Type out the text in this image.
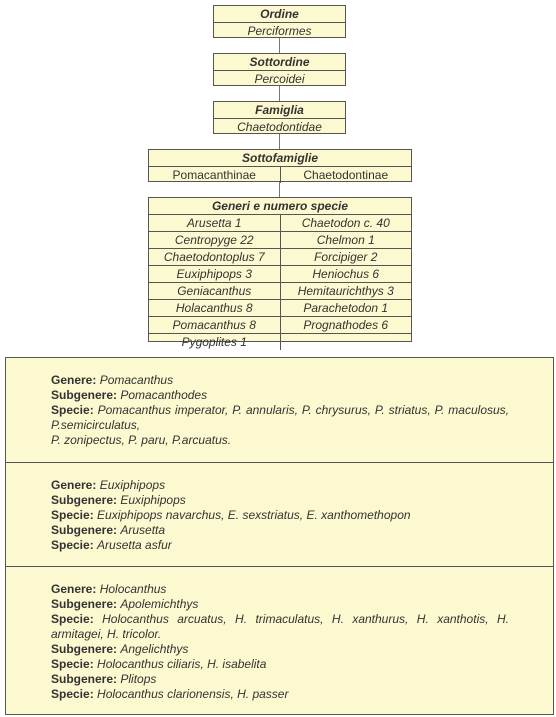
Ordine
Perciformes
Sottordine
Percoidei
Famiglia
Chaetodontidae
Sottofamiglie
Pomacanthinae	Chaetodontinae
Generi e numero specie
Arusetta 1	Chaetodon c. 40
Centropyge 22	Chelmon 1
Chaetodontoplus 7	Forcipiger 2
Euxiphipops 3	Heniochus 6
Geniacanthus	Hemitaurichthys 3
Holacanthus 8	Parachetodon 1
Pomacanthus 8	Prognathodes 6
Pygoplites 1
Genere: Pomacanthus
Subgenere: Pomacanthodes
Specie: Pomacanthus imperator, P. annularis, P. chrysurus, P. striatus, P. maculosus, P.semicirculatus,
P. zonipectus, P. paru, P.arcuatus.
Genere: Euxiphipops
Subgenere: Euxiphipops
Specie: Euxiphipops navarchus, E. sexstriatus, E. xanthomethopon
Subgenere: Arusetta
Specie: Arusetta asfur
Genere: Holocanthus
Subgenere: Apolemichthys
Specie: Holocanthus arcuatus, H. trimaculatus, H. xanthurus, H. xanthotis, H. armitagei, H. tricolor.
Subgenere: Angelichthys
Specie: Holocanthus ciliaris, H. isabelita
Subgenere: Plitops
Specie: Holocanthus clarionensis, H. passer
